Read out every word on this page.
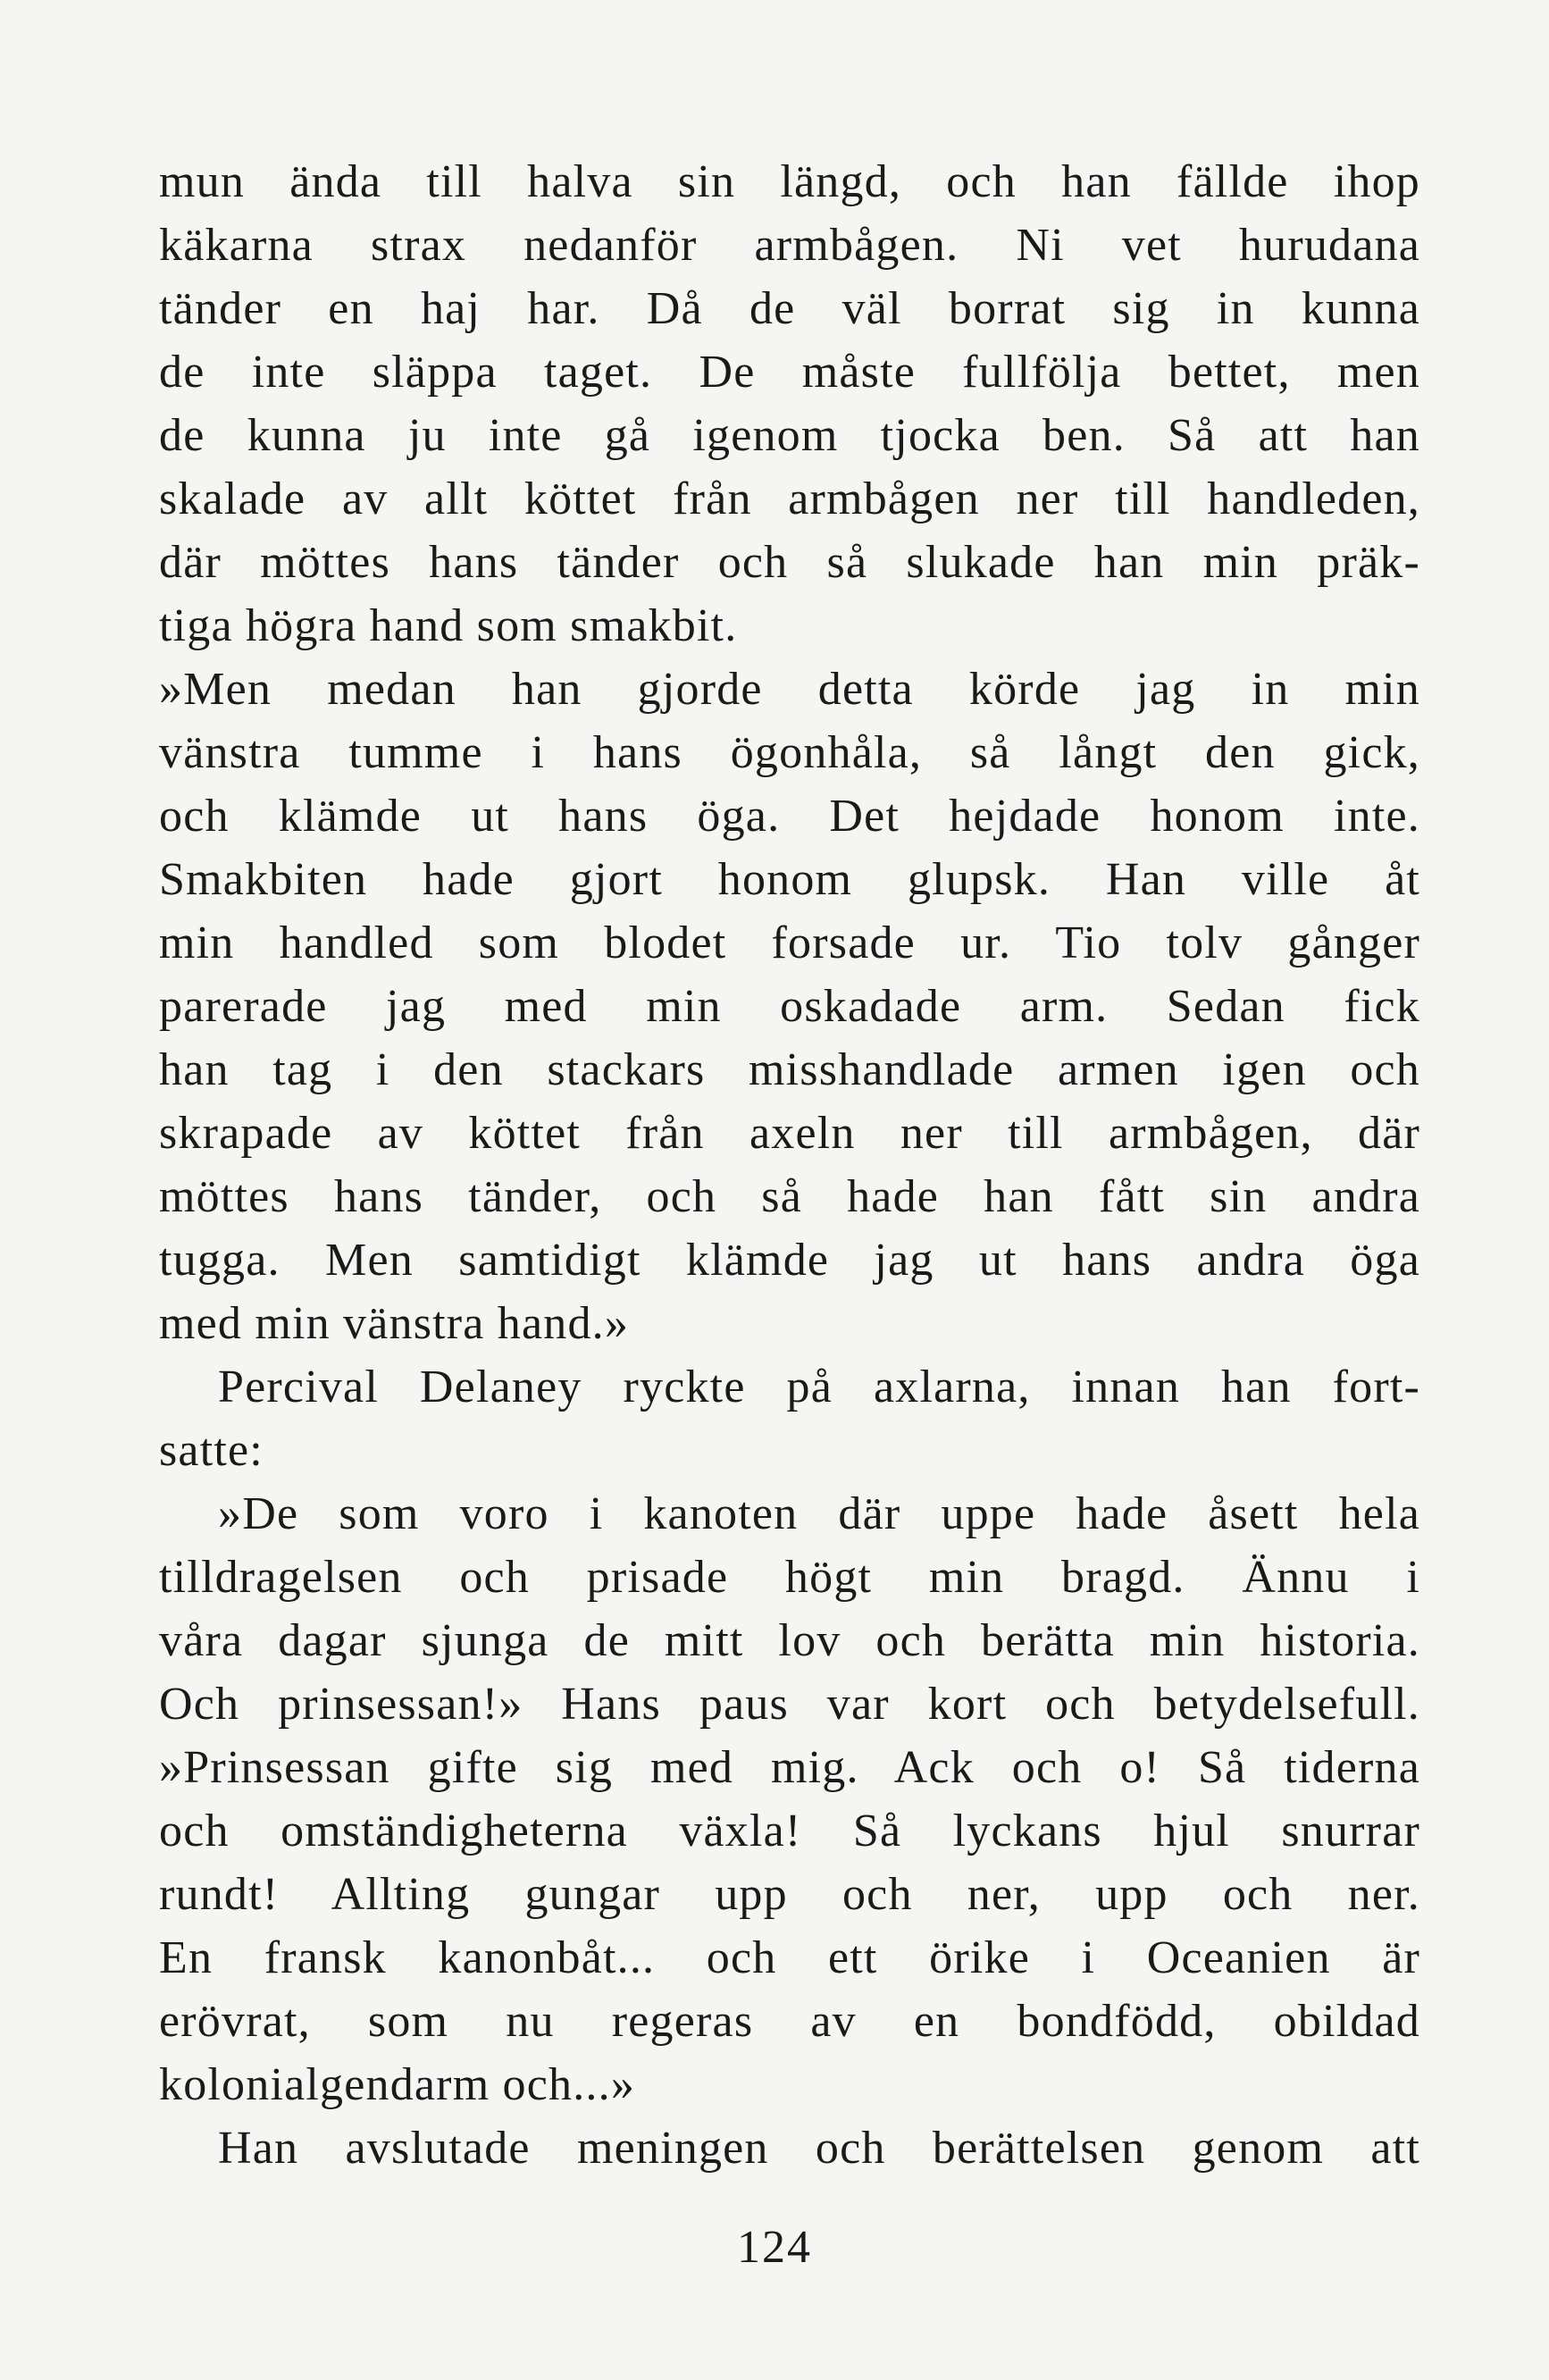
mun ända till halva sin längd, och han fällde ihop
käkarna strax nedanför armbågen. Ni vet hurudana
tänder en haj har. Då de väl borrat sig in kunna
de inte släppa taget. De måste fullfölja bettet, men
de kunna ju inte gå igenom tjocka ben. Så att han
skalade av allt köttet från armbågen ner till handleden,
där möttes hans tänder och så slukade han min präk-
tiga högra hand som smakbit.
»Men medan han gjorde detta körde jag in min
vänstra tumme i hans ögonhåla, så långt den gick,
och klämde ut hans öga. Det hejdade honom inte.
Smakbiten hade gjort honom glupsk. Han ville åt
min handled som blodet forsade ur. Tio tolv gånger
parerade jag med min oskadade arm. Sedan fick
han tag i den stackars misshandlade armen igen och
skrapade av köttet från axeln ner till armbågen, där
möttes hans tänder, och så hade han fått sin andra
tugga. Men samtidigt klämde jag ut hans andra öga
med min vänstra hand.»
Percival Delaney ryckte på axlarna, innan han fort-
satte:
»De som voro i kanoten där uppe hade åsett hela
tilldragelsen och prisade högt min bragd. Ännu i
våra dagar sjunga de mitt lov och berätta min historia.
Och prinsessan!» Hans paus var kort och betydelsefull.
»Prinsessan gifte sig med mig. Ack och o! Så tiderna
och omständigheterna växla! Så lyckans hjul snurrar
rundt! Allting gungar upp och ner, upp och ner.
En fransk kanonbåt... och ett örike i Oceanien är
erövrat, som nu regeras av en bondfödd, obildad
kolonialgendarm och...»
Han avslutade meningen och berättelsen genom att
124
